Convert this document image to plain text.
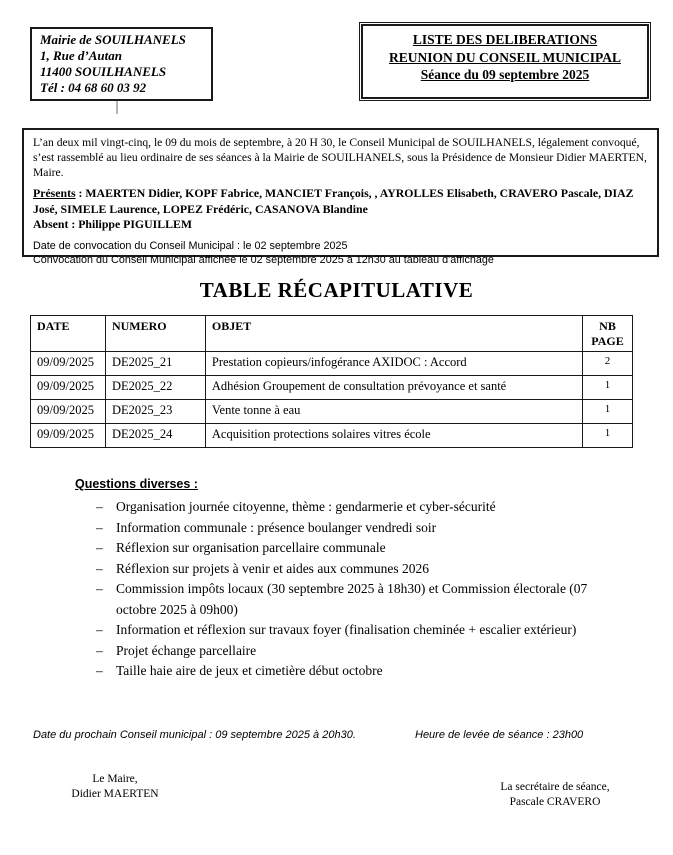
Mairie de SOUILHANELS
1, Rue d’Autan
11400 SOUILHANELS
Tél : 04 68 60 03 92
LISTE DES DELIBERATIONS
REUNION DU CONSEIL MUNICIPAL
Séance du 09 septembre 2025
L’an deux mil vingt-cinq, le 09 du mois de septembre, à 20 H 30, le Conseil Municipal de SOUILHANELS, légalement convoqué, s’est rassemblé au lieu ordinaire de ses séances à la Mairie de SOUILHANELS, sous la Présidence de Monsieur Didier MAERTEN, Maire.
Présents : MAERTEN Didier, KOPF Fabrice, MANCIET François, , AYROLLES Elisabeth, CRAVERO Pascale, DIAZ José, SIMELE Laurence, LOPEZ Frédéric, CASANOVA Blandine
Absent : Philippe PIGUILLEM
Date de convocation du Conseil Municipal : le 02 septembre 2025
Convocation du Conseil Municipal affichée le 02 septembre 2025 à 12h30 au tableau d'affichage
TABLE RÉCAPITULATIVE
DATE	NUMERO	OBJET	NB PAGE
09/09/2025	DE2025_21	Prestation copieurs/infogérance AXIDOC : Accord	2
09/09/2025	DE2025_22	Adhésion Groupement de consultation prévoyance et santé	1
09/09/2025	DE2025_23	Vente tonne à eau	1
09/09/2025	DE2025_24	Acquisition protections solaires vitres école	1
Questions diverses :
– Organisation journée citoyenne, thème : gendarmerie et cyber-sécurité
– Information communale : présence boulanger vendredi soir
– Réflexion sur organisation parcellaire communale
– Réflexion sur projets à venir et aides aux communes 2026
– Commission impôts locaux (30 septembre 2025 à 18h30) et Commission électorale (07 octobre 2025 à 09h00)
– Information et réflexion sur travaux foyer (finalisation cheminée + escalier extérieur)
– Projet échange parcellaire
– Taille haie aire de jeux et cimetière début octobre
Date du prochain Conseil municipal : 09 septembre 2025 à 20h30.	Heure de levée de séance : 23h00
Le Maire,
Didier MAERTEN
La secrétaire de séance,
Pascale CRAVERO
